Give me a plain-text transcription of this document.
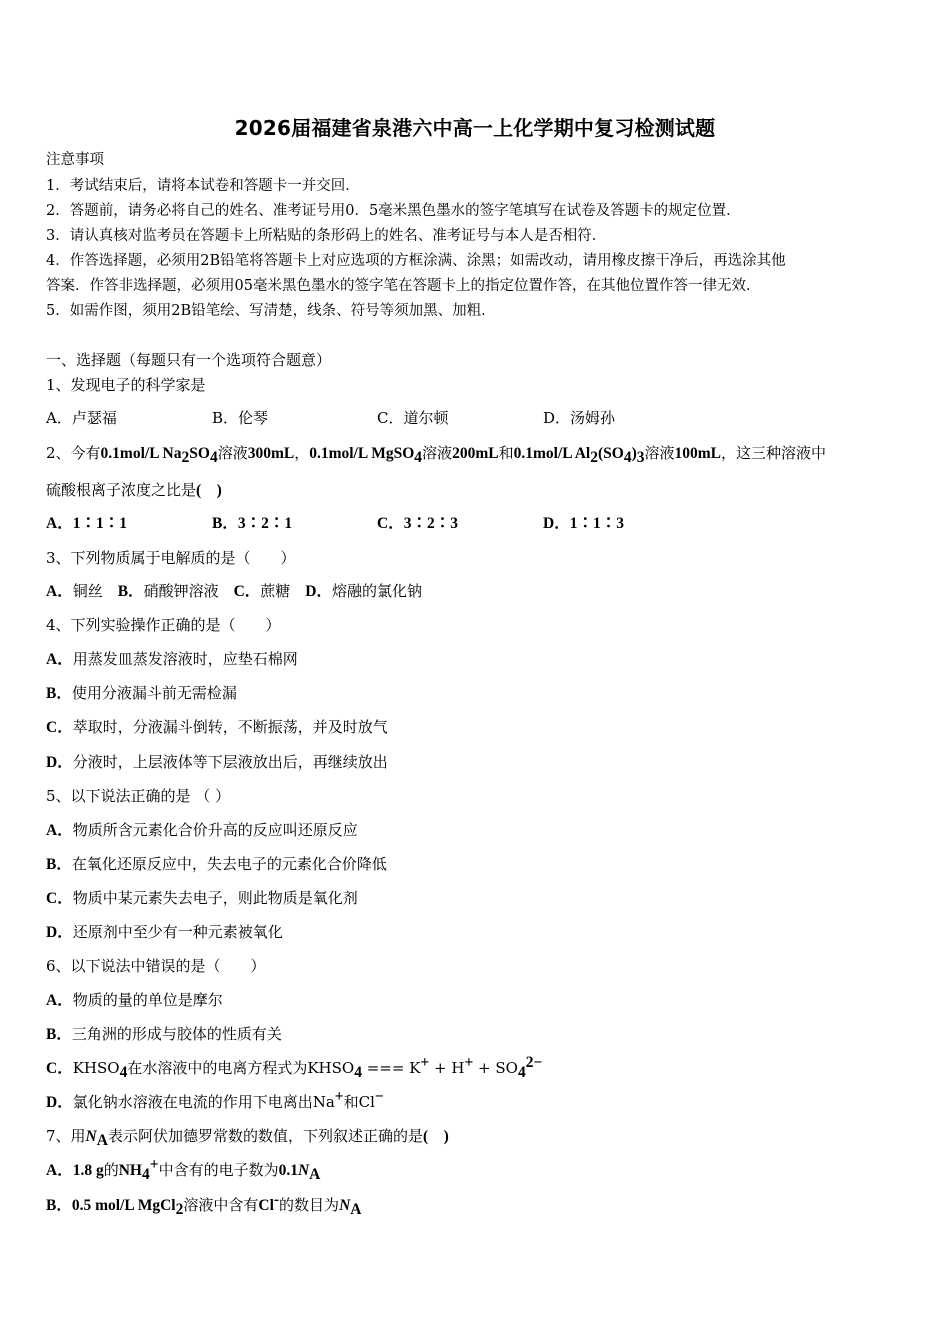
2026届福建省泉港六中高一上化学期中复习检测试题
注意事项
1．考试结束后，请将本试卷和答题卡一并交回．
2．答题前，请务必将自己的姓名、准考证号用0．5毫米黑色墨水的签字笔填写在试卷及答题卡的规定位置．
3．请认真核对监考员在答题卡上所粘贴的条形码上的姓名、准考证号与本人是否相符．
4．作答选择题，必须用2B铅笔将答题卡上对应选项的方框涂满、涂黑；如需改动，请用橡皮擦干净后，再选涂其他
答案．作答非选择题，必须用05毫米黑色墨水的签字笔在答题卡上的指定位置作答，在其他位置作答一律无效．
5．如需作图，须用2B铅笔绘、写清楚，线条、符号等须加黑、加粗．
一、选择题（每题只有一个选项符合题意）
1、发现电子的科学家是
A．卢瑟福	B．伦琴	C．道尔顿	D．汤姆孙
2、今有0.1mol/L $Na_2SO_4$溶液300mL，0.1mol/L MgSO$_4$溶液200mL和0.1mol/L $Al_2(SO_4)_3$溶液100mL，这三种溶液中
硫酸根离子浓度之比是(　)
A．1∶1∶1	B．3∶2∶1	C．3∶2∶3	D．1∶1∶3
3、下列物质属于电解质的是（　　）
A．铜丝　B．硝酸钾溶液　C．蔗糖　D．熔融的氯化钠
4、下列实验操作正确的是（　　）
A．用蒸发皿蒸发溶液时，应垫石棉网
B．使用分液漏斗前无需检漏
C．萃取时，分液漏斗倒转，不断振荡，并及时放气
D．分液时，上层液体等下层液放出后，再继续放出
5、以下说法正确的是 （ ）
A．物质所含元素化合价升高的反应叫还原反应
B．在氧化还原反应中，失去电子的元素化合价降低
C．物质中某元素失去电子，则此物质是氧化剂
D．还原剂中至少有一种元素被氧化
6、以下说法中错误的是（　　）
A．物质的量的单位是摩尔
B．三角洲的形成与胶体的性质有关
C．$KHSO_4$在水溶液中的电离方程式为$KHSO_4$ === $K^+ + H^+ + SO_4^{2-}$
D．氯化钠水溶液在电流的作用下电离出Na+和Cl−
7、用$N_A$表示阿伏加德罗常数的数值，下列叙述正确的是(　)
A．1.8 g的$NH_4^+$中含有的电子数为$0.1N_A$
B．0.5 mol/L MgCl$_2$溶液中含有Cl-的数目为$N_A$
